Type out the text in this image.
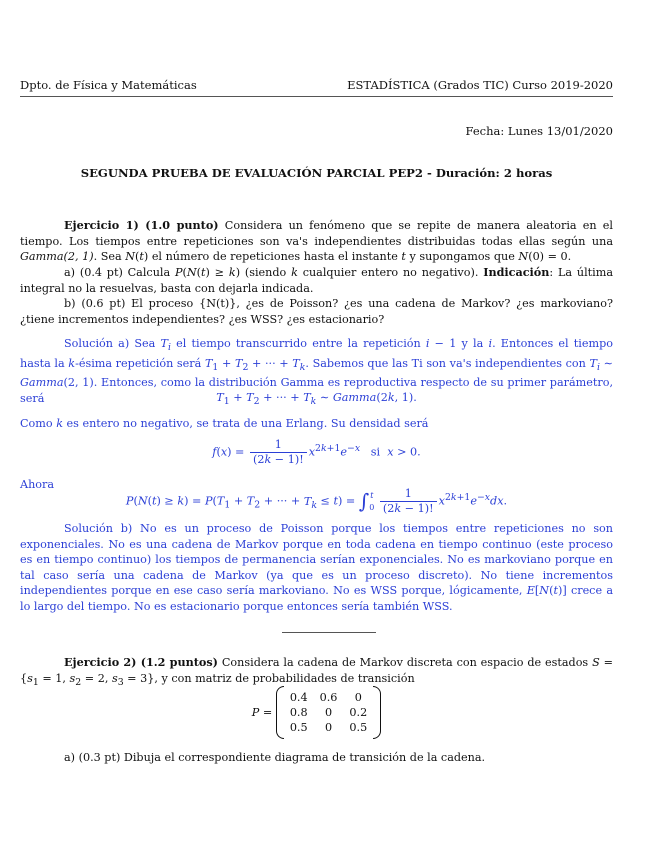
Dpto. de Física y Matemáticas	ESTADÍSTICA (Grados TIC) Curso 2019-2020
Fecha: Lunes 13/01/2020
SEGUNDA PRUEBA DE EVALUACIÓN PARCIAL PEP2 - Duración: 2 horas
Ejercicio 1) (1.0 punto) Considera un fenómeno que se repite de manera aleatoria en el tiempo. Los tiempos entre repeticiones son va's independientes distribuidas todas ellas según una Gamma(2, 1). Sea N(t) el número de repeticiones hasta el instante t y supongamos que N(0) = 0.
a) (0.4 pt) Calcula P(N(t) ≥ k) (siendo k cualquier entero no negativo). Indicación: La última integral no la resuelvas, basta con dejarla indicada.
b) (0.6 pt) El proceso {N(t)}, ¿es de Poisson? ¿es una cadena de Markov? ¿es markoviano? ¿tiene incrementos independientes? ¿es WSS? ¿es estacionario?
Solución a) Sea $T_i$ el tiempo transcurrido entre la repetición i − 1 y la i. Entonces el tiempo hasta la k-ésima repetición será $T_1 + T_2$ + ··· + $T_k$. Sabemos que las Ti son va's independientes con $T_i$ ∼ Gamma(2, 1). Entonces, como la distribución Gamma es reproductiva respecto de su primer parámetro, será	$T_1 + T_2$ + ··· + $T_k$ ∼ Gamma(2k, 1).
Como k es entero no negativo, se trata de una Erlang. Su densidad será
$f(x) = \frac{1}{(2k - 1)!} x^{2k+1}e^{-x}$   si  x > 0.
Ahora
$P(N(t) \ge k) = P(T_1 + T_2$ + ··· + $T_k \le t) = \int t$
$0 \frac{1}{(2k - 1)!} x^{2k+1}e^{-x}dx$.
Solución b) No es un proceso de Poisson porque los tiempos entre repeticiones no son exponenciales. No es una cadena de Markov porque en toda cadena en tiempo continuo (este proceso es en tiempo continuo) los tiempos de permanencia serían exponenciales. No es markoviano porque en tal caso sería una cadena de Markov (ya que es un proceso discreto). No tiene incrementos independientes porque en ese caso sería markoviano. No es WSS porque, lógicamente, E[N(t)] crece a lo largo del tiempo. No es estacionario porque entonces sería también WSS.
Ejercicio 2) (1.2 puntos) Considera la cadena de Markov discreta con espacio de estados $S = \{s_1 = 1$, $s_2 = 2$, $s_3 = 3$}, y con matriz de probabilidades de transición
P =
0.4	0.6	0
0.8	0	0.2
0.5	0	0.5
a) (0.3 pt) Dibuja el correspondiente diagrama de transición de la cadena.
